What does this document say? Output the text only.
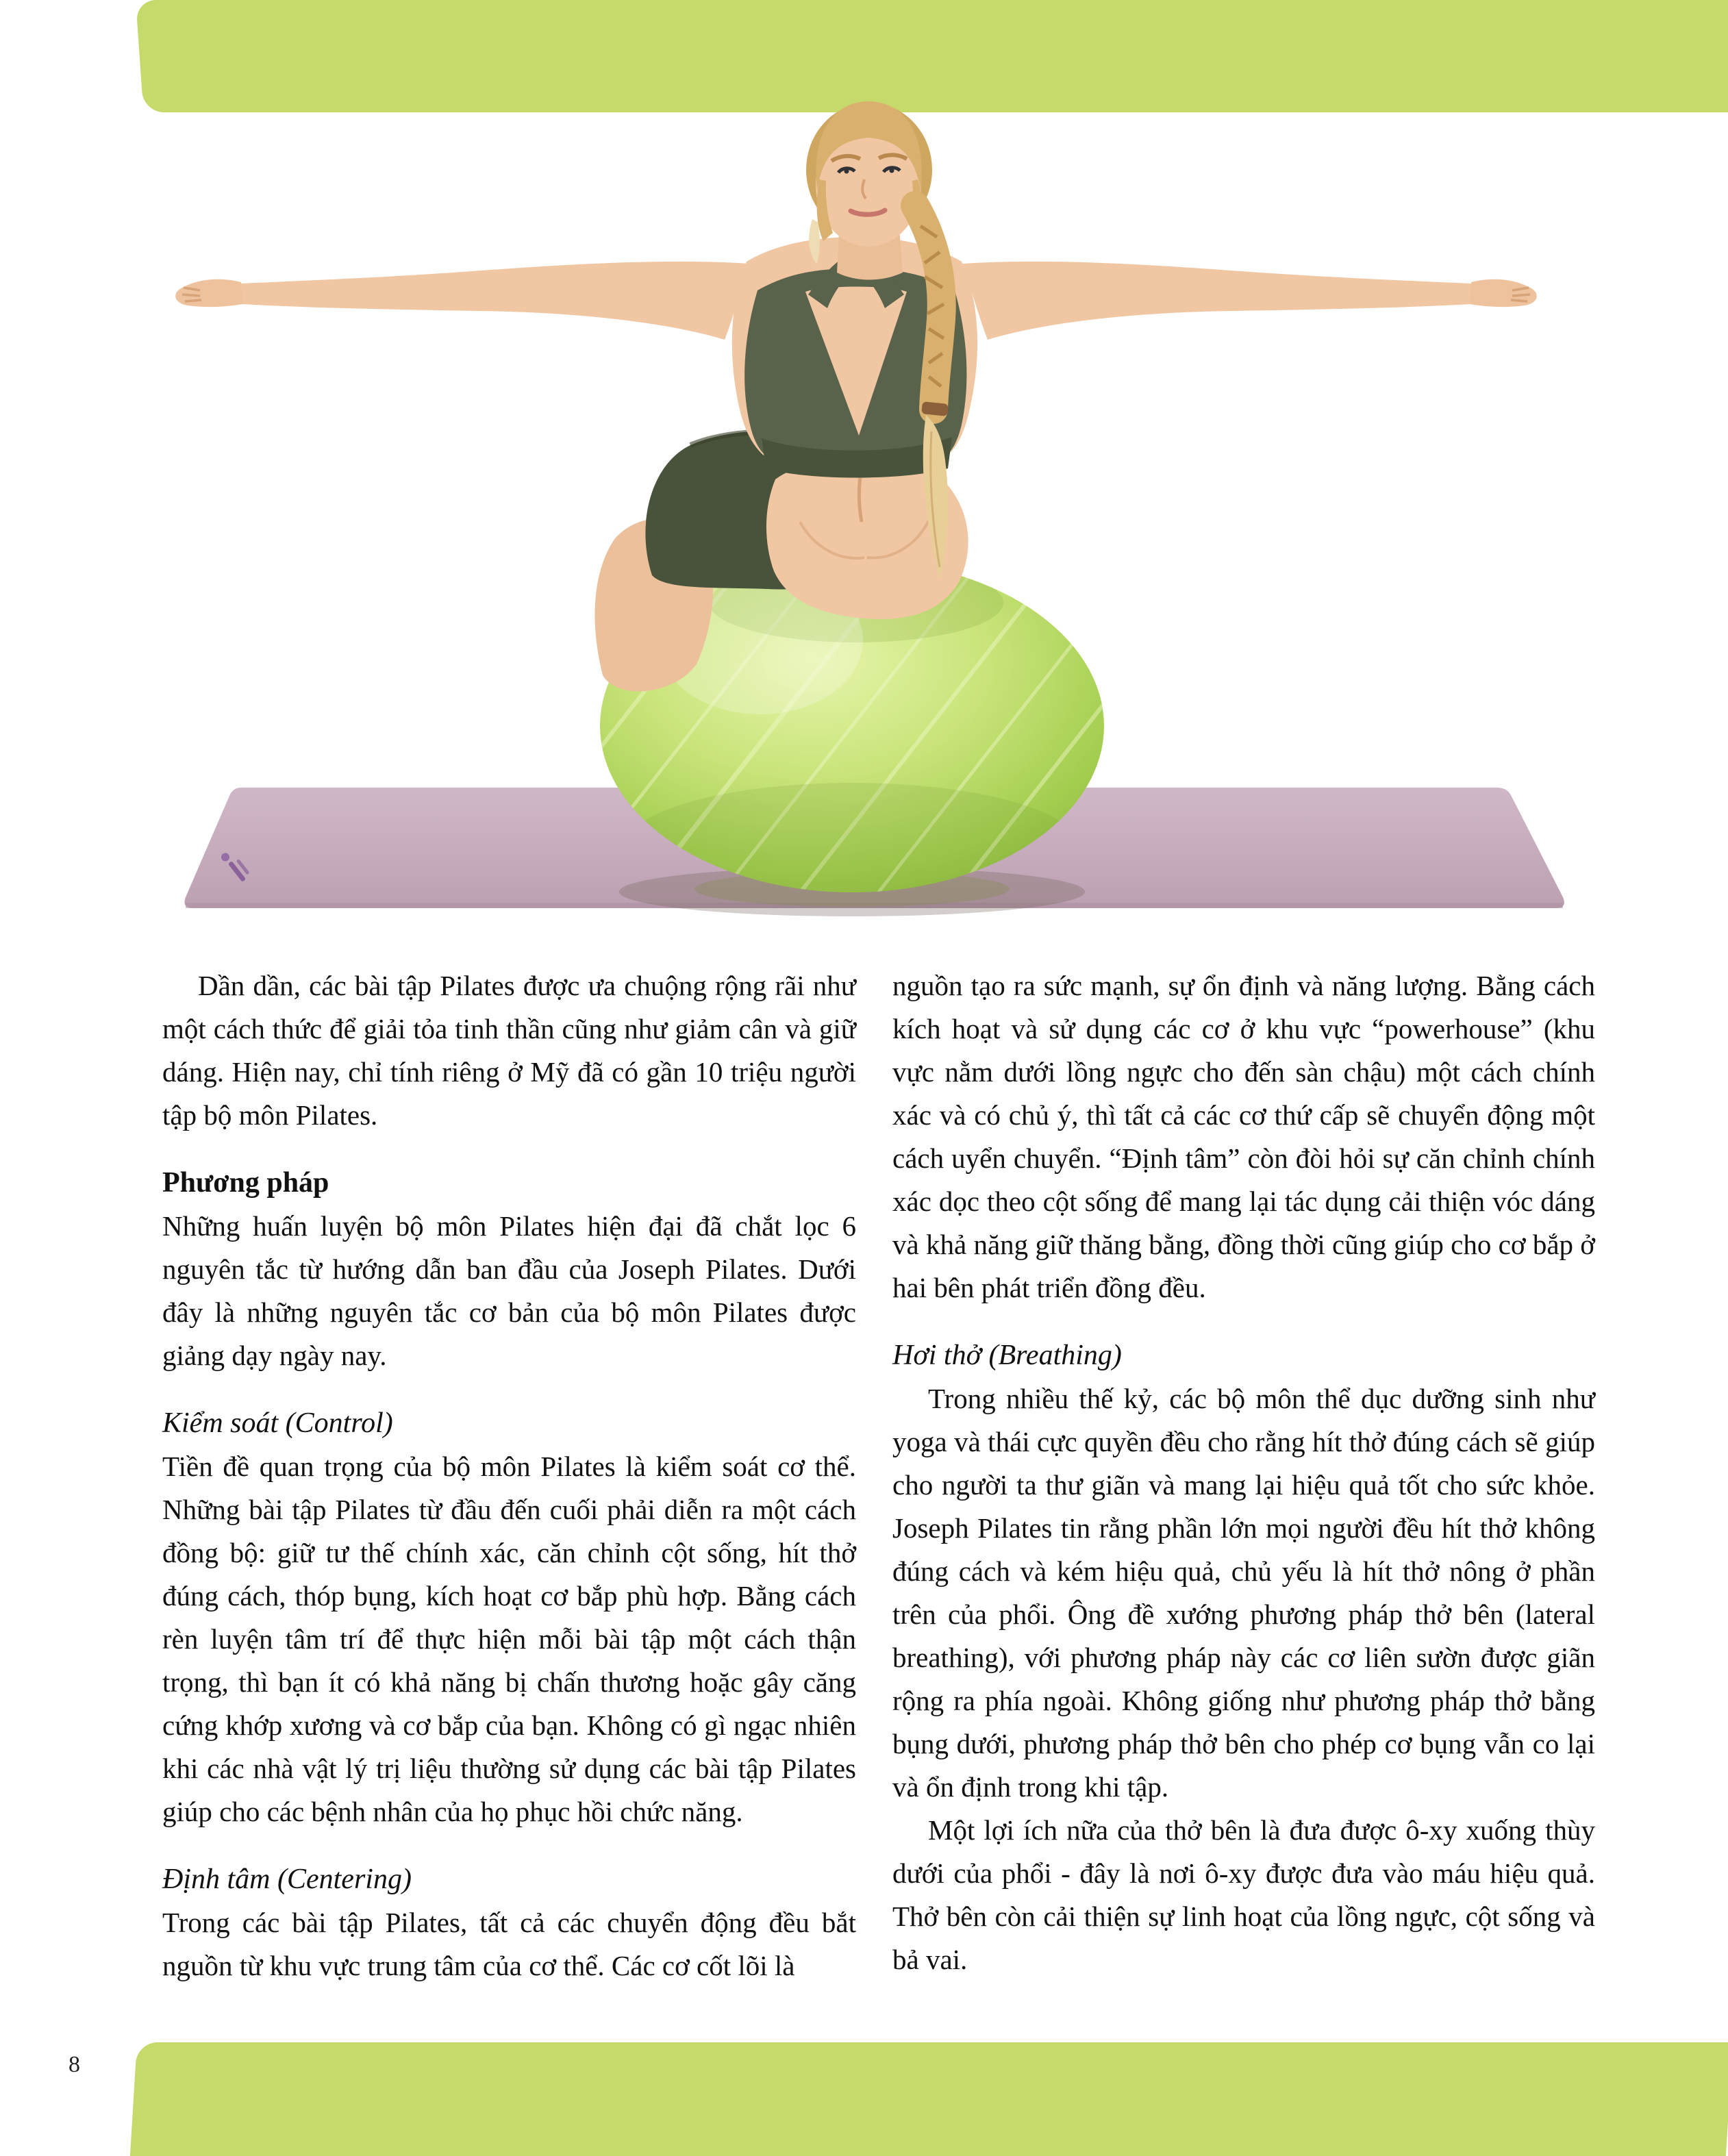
Dần dần, các bài tập Pilates được ưa chuộng rộng rãi như một cách thức để giải tỏa tinh thần cũng như giảm cân và giữ dáng. Hiện nay, chỉ tính riêng ở Mỹ đã có gần 10 triệu người tập bộ môn Pilates.

Phương pháp

Những huấn luyện bộ môn Pilates hiện đại đã chắt lọc 6 nguyên tắc từ hướng dẫn ban đầu của Joseph Pilates. Dưới đây là những nguyên tắc cơ bản của bộ môn Pilates được giảng dạy ngày nay.

Kiểm soát (Control)

Tiền đề quan trọng của bộ môn Pilates là kiểm soát cơ thể. Những bài tập Pilates từ đầu đến cuối phải diễn ra một cách đồng bộ: giữ tư thế chính xác, căn chỉnh cột sống, hít thở đúng cách, thóp bụng, kích hoạt cơ bắp phù hợp. Bằng cách rèn luyện tâm trí để thực hiện mỗi bài tập một cách thận trọng, thì bạn ít có khả năng bị chấn thương hoặc gây căng cứng khớp xương và cơ bắp của bạn. Không có gì ngạc nhiên khi các nhà vật lý trị liệu thường sử dụng các bài tập Pilates giúp cho các bệnh nhân của họ phục hồi chức năng.

Định tâm (Centering)

Trong các bài tập Pilates, tất cả các chuyển động đều bắt nguồn từ khu vực trung tâm của cơ thể. Các cơ cốt lõi là

nguồn tạo ra sức mạnh, sự ổn định và năng lượng. Bằng cách kích hoạt và sử dụng các cơ ở khu vực “powerhouse” (khu vực nằm dưới lồng ngực cho đến sàn chậu) một cách chính xác và có chủ ý, thì tất cả các cơ thứ cấp sẽ chuyển động một cách uyển chuyển. “Định tâm” còn đòi hỏi sự căn chỉnh chính xác dọc theo cột sống để mang lại tác dụng cải thiện vóc dáng và khả năng giữ thăng bằng, đồng thời cũng giúp cho cơ bắp ở hai bên phát triển đồng đều.

Hơi thở (Breathing)

Trong nhiều thế kỷ, các bộ môn thể dục dưỡng sinh như yoga và thái cực quyền đều cho rằng hít thở đúng cách sẽ giúp cho người ta thư giãn và mang lại hiệu quả tốt cho sức khỏe. Joseph Pilates tin rằng phần lớn mọi người đều hít thở không đúng cách và kém hiệu quả, chủ yếu là hít thở nông ở phần trên của phổi. Ông đề xướng phương pháp thở bên (lateral breathing), với phương pháp này các cơ liên sườn được giãn rộng ra phía ngoài. Không giống như phương pháp thở bằng bụng dưới, phương pháp thở bên cho phép cơ bụng vẫn co lại và ổn định trong khi tập.

Một lợi ích nữa của thở bên là đưa được ô-xy xuống thùy dưới của phổi - đây là nơi ô-xy được đưa vào máu hiệu quả. Thở bên còn cải thiện sự linh hoạt của lồng ngực, cột sống và bả vai.

8
